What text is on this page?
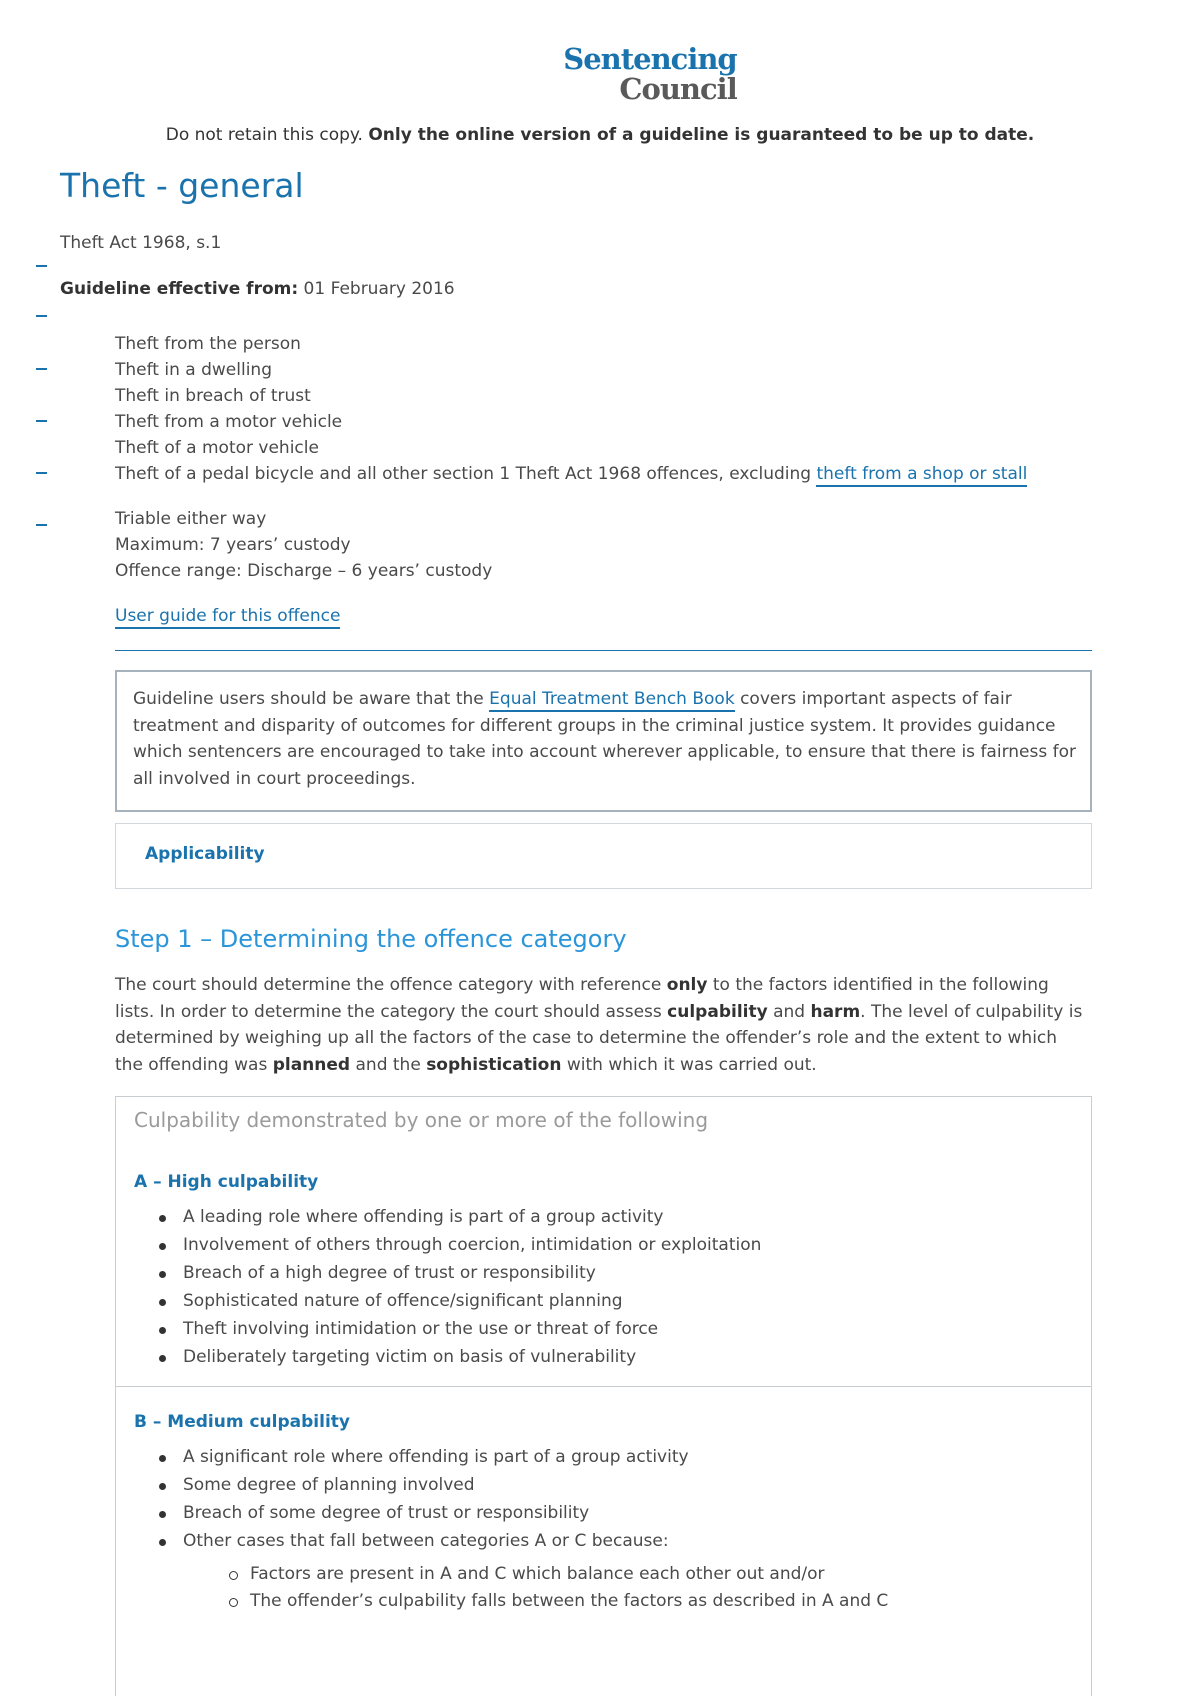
Sentencing
Council
Do not retain this copy. Only the online version of a guideline is guaranteed to be up to date.
Theft - general
Theft Act 1968, s.1
Guideline effective from: 01 February 2016
Theft from the person
Theft in a dwelling
Theft in breach of trust
Theft from a motor vehicle
Theft of a motor vehicle
Theft of a pedal bicycle and all other section 1 Theft Act 1968 offences, excluding theft from a shop or stall
Triable either way
Maximum: 7 years’ custody
Offence range: Discharge – 6 years’ custody
User guide for this offence
Guideline users should be aware that the Equal Treatment Bench Book covers important aspects of fair treatment and disparity of outcomes for different groups in the criminal justice system. It provides guidance which sentencers are encouraged to take into account wherever applicable, to ensure that there is fairness for all involved in court proceedings.
Applicability
Step 1 – Determining the offence category
The court should determine the offence category with reference only to the factors identified in the following lists. In order to determine the category the court should assess culpability and harm. The level of culpability is determined by weighing up all the factors of the case to determine the offender’s role and the extent to which the offending was planned and the sophistication with which it was carried out.
Culpability demonstrated by one or more of the following
A – High culpability
A leading role where offending is part of a group activity
Involvement of others through coercion, intimidation or exploitation
Breach of a high degree of trust or responsibility
Sophisticated nature of offence/significant planning
Theft involving intimidation or the use or threat of force
Deliberately targeting victim on basis of vulnerability
B – Medium culpability
A significant role where offending is part of a group activity
Some degree of planning involved
Breach of some degree of trust or responsibility
Other cases that fall between categories A or C because:
Factors are present in A and C which balance each other out and/or
The offender’s culpability falls between the factors as described in A and C
